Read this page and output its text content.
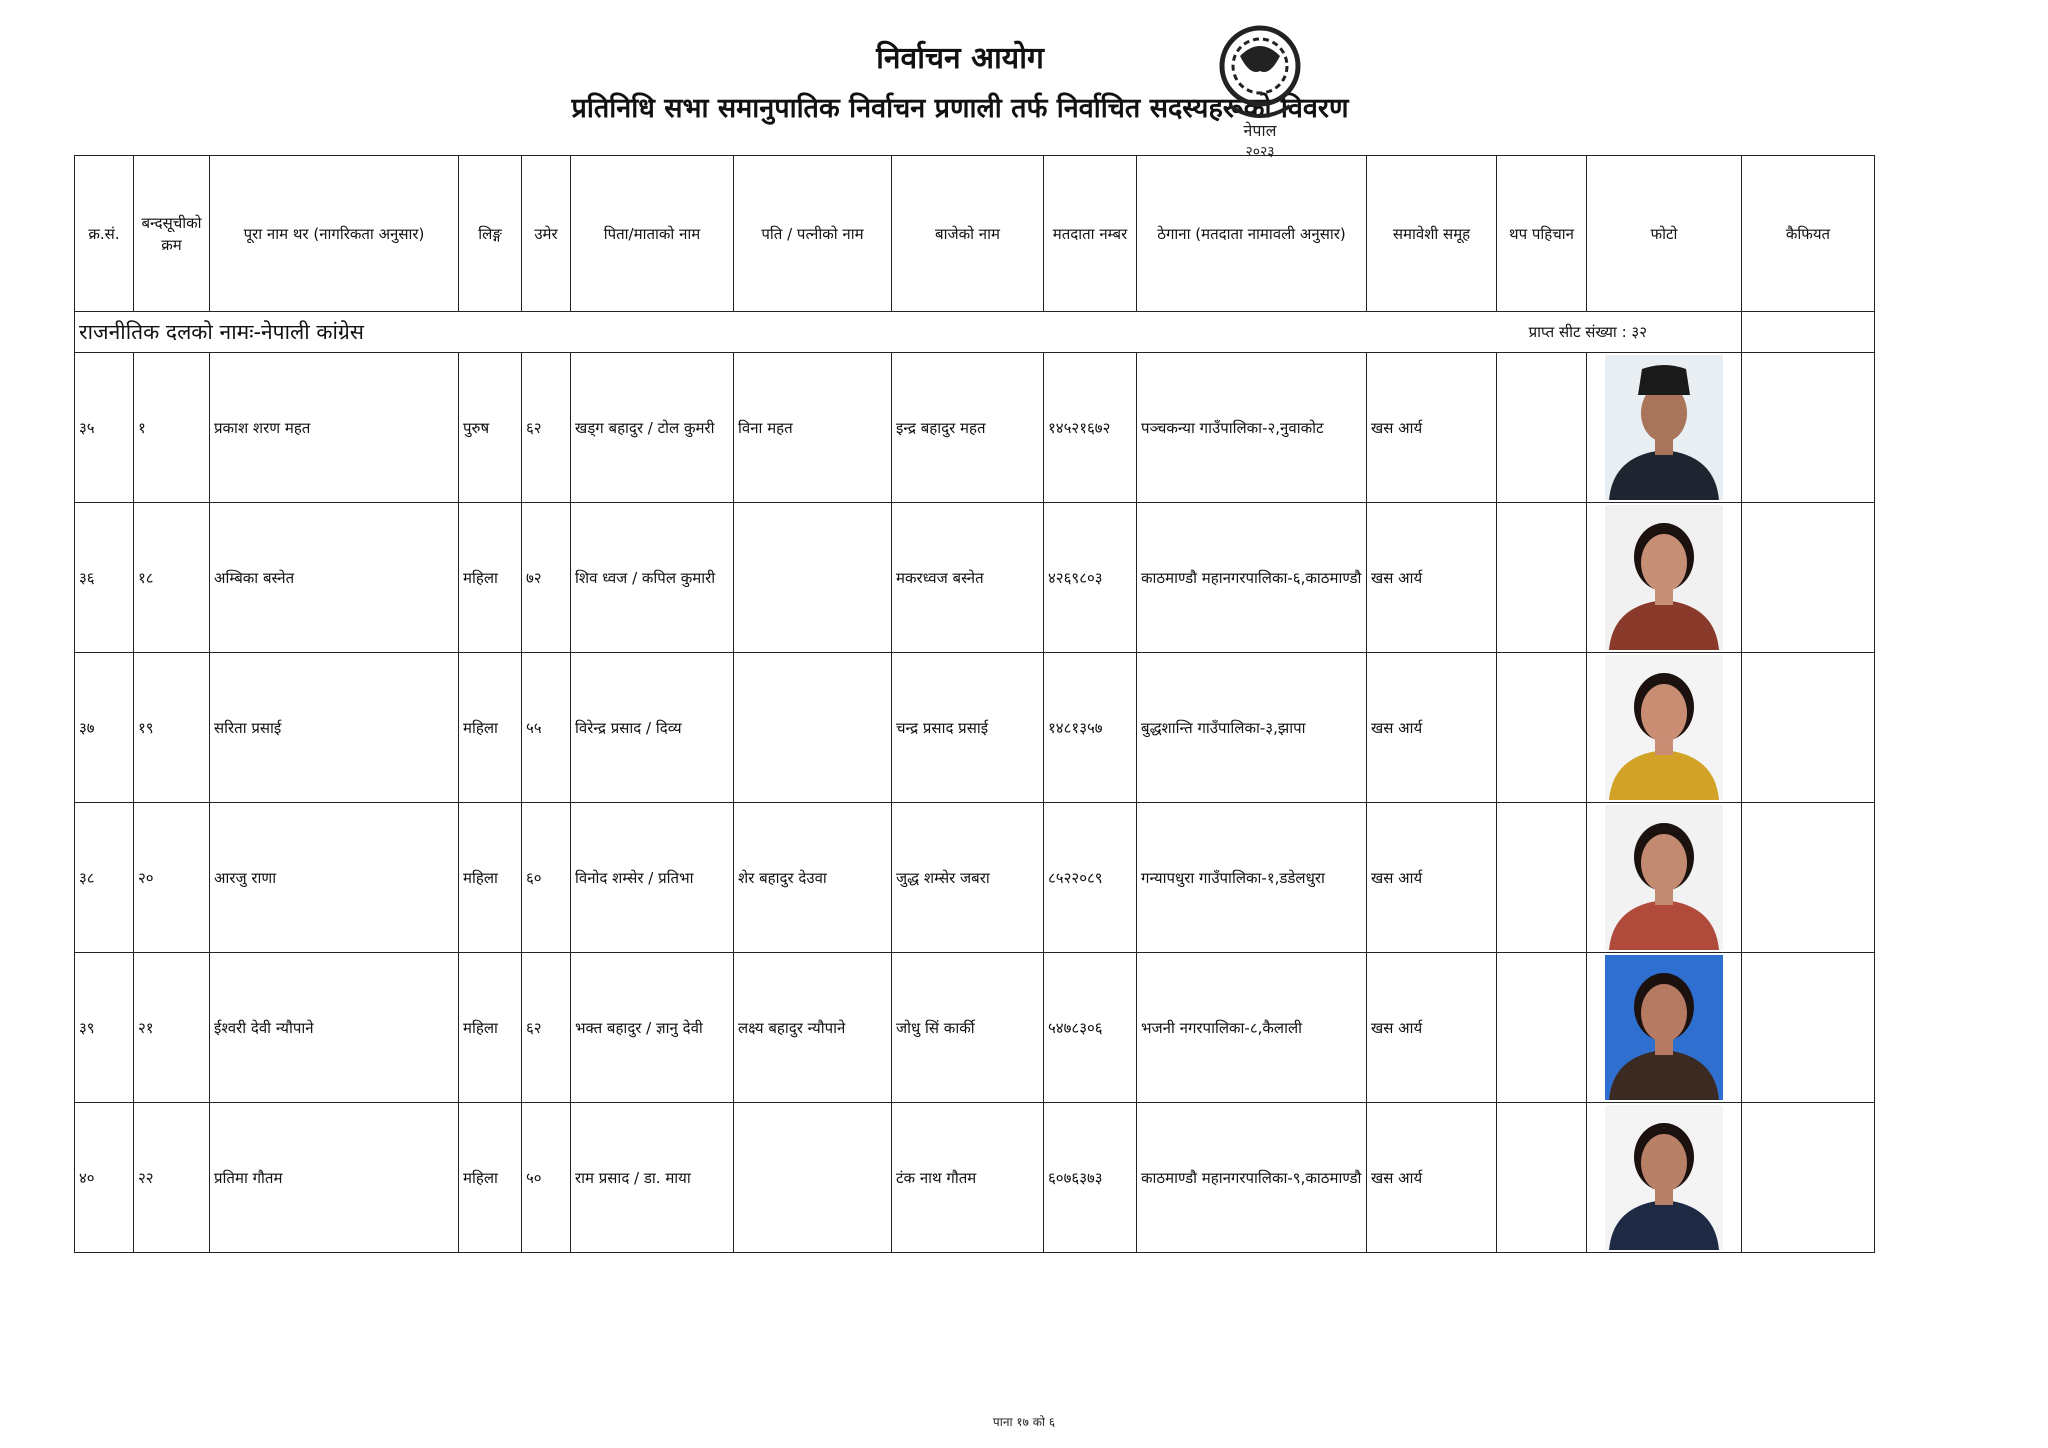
निर्वाचन आयोग
प्रतिनिधि सभा समानुपातिक निर्वाचन प्रणाली तर्फ निर्वाचित सदस्यहरूको विवरण
नेपाल
२०२३
क्र.सं.	बन्दसूचीको क्रम	पूरा नाम थर (नागरिकता अनुसार)	लिङ्ग	उमेर	पिता/माताको नाम	पति / पत्नीको नाम	बाजेको नाम	मतदाता नम्बर	ठेगाना (मतदाता नामावली अनुसार)	समावेशी समूह	थप पहिचान	फोटो	कैफियत

राजनीतिक दलको नामः-नेपाली कांग्रेस प्राप्त सीट संख्या : ३२													

३५	१	प्रकाश शरण महत	पुरुष	६२	खड्ग बहादुर / टोल कुमरी	विना महत	इन्द्र बहादुर महत	१४५२१६७२	पञ्चकन्या गाउँपालिका-२,नुवाकोट	खस आर्य		

३६	१८	अम्बिका बस्नेत	महिला	७२	शिव ध्वज / कपिल कुमारी		मकरध्वज बस्नेत	४२६९८०३	काठमाण्डौ महानगरपालिका-६,काठमाण्डौ	खस आर्य		

३७	१९	सरिता प्रसाई	महिला	५५	विरेन्द्र प्रसाद / दिव्य		चन्द्र प्रसाद प्रसाई	१४८१३५७	बुद्धशान्ति गाउँपालिका-३,झापा	खस आर्य		

३८	२०	आरजु राणा	महिला	६०	विनोद शम्सेर / प्रतिभा	शेर बहादुर देउवा	जुद्ध शम्सेर जबरा	८५२२०८९	गन्यापधुरा गाउँपालिका-१,डडेलधुरा	खस आर्य		

३९	२१	ईश्वरी देवी न्यौपाने	महिला	६२	भक्त बहादुर / ज्ञानु देवी	लक्ष्य बहादुर न्यौपाने	जोधु सिं कार्की	५४७८३०६	भजनी नगरपालिका-८,कैलाली	खस आर्य		

४०	२२	प्रतिमा गौतम	महिला	५०	राम प्रसाद / डा. माया		टंक नाथ गौतम	६०७६३७३	काठमाण्डौ महानगरपालिका-९,काठमाण्डौ	खस आर्य		

पाना १७ को ६
